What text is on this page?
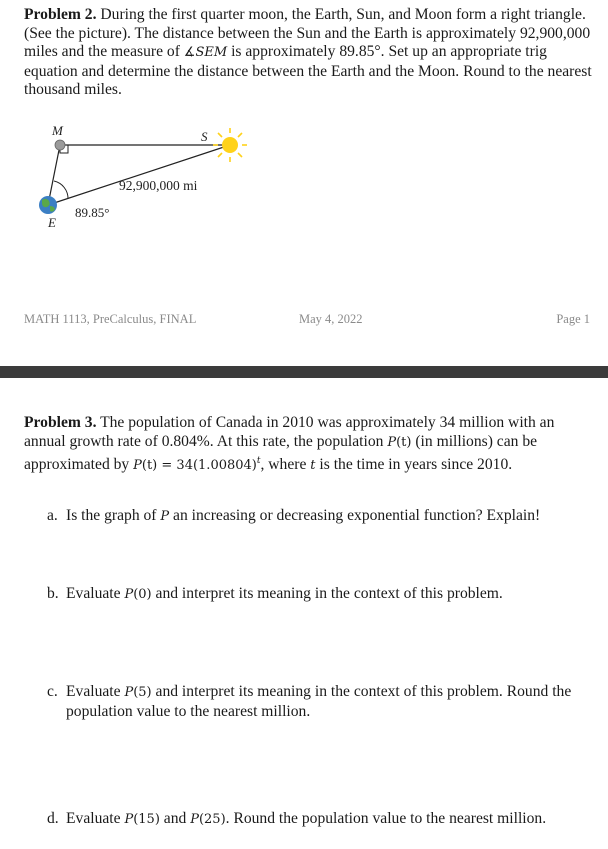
Problem 2. During the first quarter moon, the Earth, Sun, and Moon form a right triangle. (See the picture). The distance between the Sun and the Earth is approximately 92,900,000 miles and the measure of ∡SEM is approximately 89.85°. Set up an appropriate trig equation and determine the distance between the Earth and the Moon. Round to the nearest thousand miles.

M	S
E
92,900,000 mi
89.85°
MATH 1113, PreCalculus, FINAL	May 4, 2022	Page 1

Problem 3. The population of Canada in 2010 was approximately 34 million with an annual growth rate of 0.804%. At this rate, the population P(t) (in millions) can be approximated by $P(t) = 34(1.00804)^t$, where t is the time in years since 2010.

a. Is the graph of P an increasing or decreasing exponential function? Explain!

b. Evaluate P(0) and interpret its meaning in the context of this problem.

c. Evaluate P(5) and interpret its meaning in the context of this problem. Round the population value to the nearest million.

d. Evaluate P(15) and P(25). Round the population value to the nearest million.
